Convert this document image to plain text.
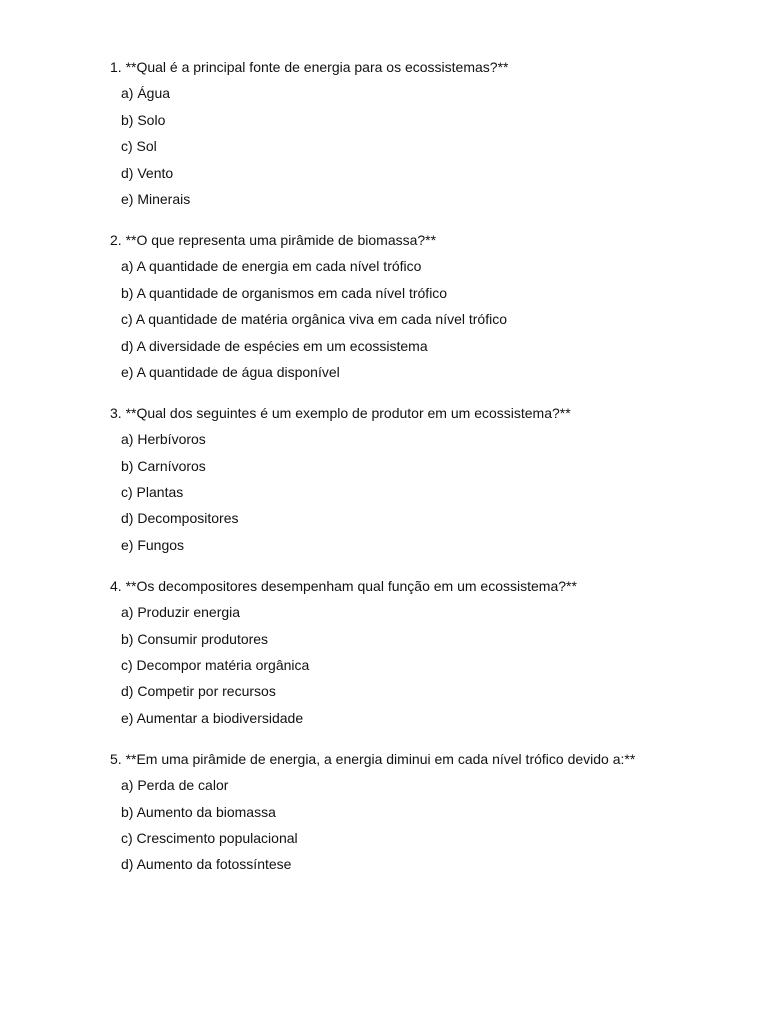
1. **Qual é a principal fonte de energia para os ecossistemas?**

a) Água

b) Solo

c) Sol

d) Vento

e) Minerais

2. **O que representa uma pirâmide de biomassa?**

a) A quantidade de energia em cada nível trófico

b) A quantidade de organismos em cada nível trófico

c) A quantidade de matéria orgânica viva em cada nível trófico

d) A diversidade de espécies em um ecossistema

e) A quantidade de água disponível

3. **Qual dos seguintes é um exemplo de produtor em um ecossistema?**

a) Herbívoros

b) Carnívoros

c) Plantas

d) Decompositores

e) Fungos

4. **Os decompositores desempenham qual função em um ecossistema?**

a) Produzir energia

b) Consumir produtores

c) Decompor matéria orgânica

d) Competir por recursos

e) Aumentar a biodiversidade

5. **Em uma pirâmide de energia, a energia diminui em cada nível trófico devido a:**

a) Perda de calor

b) Aumento da biomassa

c) Crescimento populacional

d) Aumento da fotossíntese
